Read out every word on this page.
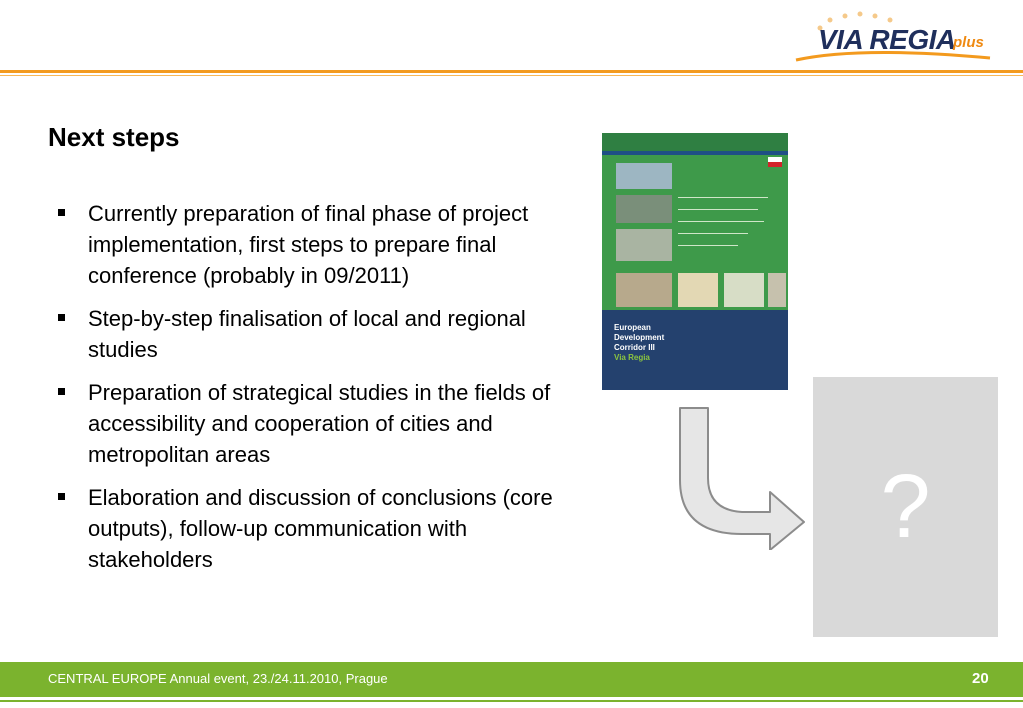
VIA REGIA
plus
Next steps
Currently preparation of final phase of project implementation, first steps to prepare final conference (probably in 09/2011)
Step-by-step finalisation of local and regional studies
Preparation of strategical studies in the fields of accessibility and cooperation of cities and metropolitan areas
Elaboration and discussion of conclusions (core outputs), follow-up communication with stakeholders
European
Development
Corridor III
Via Regia
?
CENTRAL EUROPE Annual event, 23./24.11.2010, Prague	20
